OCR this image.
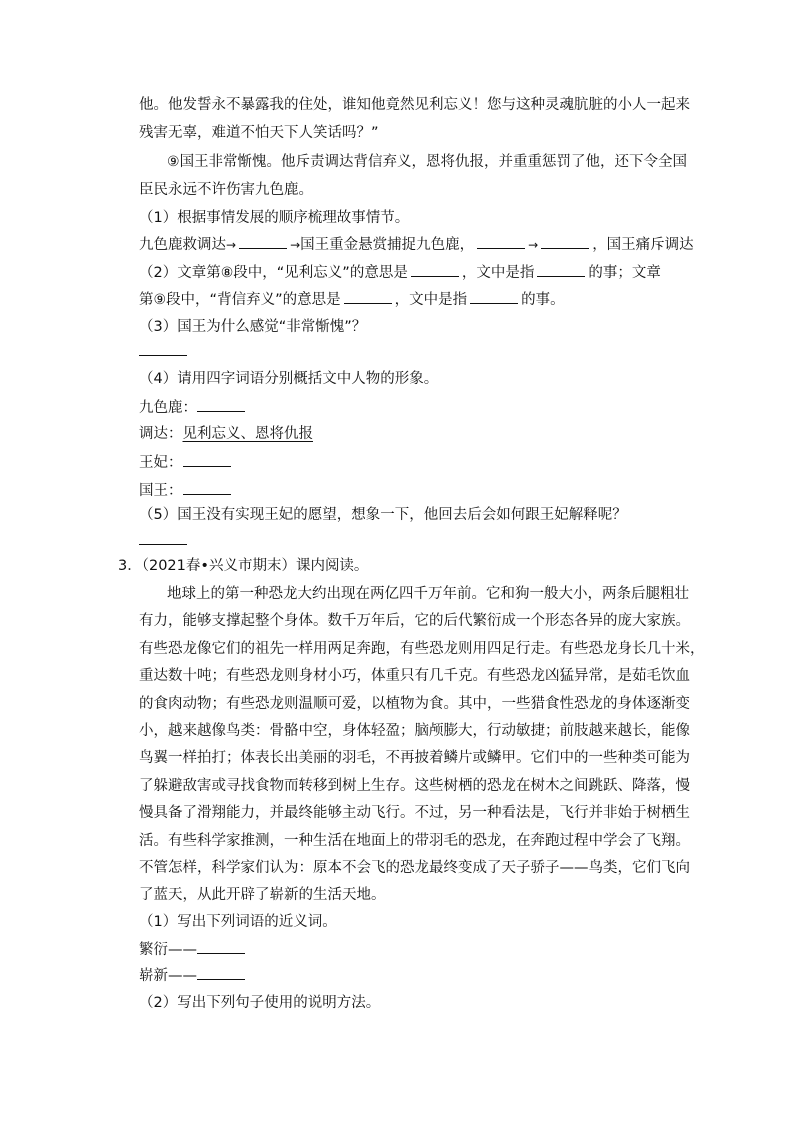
他。他发誓永不暴露我的住处，谁知他竟然见利忘义！您与这种灵魂肮脏的小人一起来
残害无辜，难道不怕天下人笑话吗？”
⑨国王非常惭愧。他斥责调达背信弃义，恩将仇报，并重重惩罚了他，还下令全国
臣民永远不许伤害九色鹿。
（1）根据事情发展的顺序梳理故事情节。
九色鹿救调达→	→国王重金悬赏捕捉九色鹿，	→	，国王痛斥调达
（2）文章第⑧段中，“见利忘义”的意思是	，文中是指	的事；文章
第⑨段中，“背信弃义”的意思是	，文中是指	的事。
（3）国王为什么感觉“非常惭愧”？
（4）请用四字词语分别概括文中人物的形象。
九色鹿：
调达：见利忘义、恩将仇报
王妃：
国王：
（5）国王没有实现王妃的愿望，想象一下，他回去后会如何跟王妃解释呢？
3．（2021春•兴义市期末）课内阅读。
地球上的第一种恐龙大约出现在两亿四千万年前。它和狗一般大小，两条后腿粗壮
有力，能够支撑起整个身体。数千万年后，它的后代繁衍成一个形态各异的庞大家族。
有些恐龙像它们的祖先一样用两足奔跑，有些恐龙则用四足行走。有些恐龙身长几十米，
重达数十吨；有些恐龙则身材小巧，体重只有几千克。有些恐龙凶猛异常，是茹毛饮血
的食肉动物；有些恐龙则温顺可爱，以植物为食。其中，一些猎食性恐龙的身体逐渐变
小，越来越像鸟类：骨骼中空，身体轻盈；脑颅膨大，行动敏捷；前肢越来越长，能像
鸟翼一样拍打；体表长出美丽的羽毛，不再披着鳞片或鳞甲。它们中的一些种类可能为
了躲避敌害或寻找食物而转移到树上生存。这些树栖的恐龙在树木之间跳跃、降落，慢
慢具备了滑翔能力，并最终能够主动飞行。不过，另一种看法是，飞行并非始于树栖生
活。有些科学家推测，一种生活在地面上的带羽毛的恐龙，在奔跑过程中学会了飞翔。
不管怎样，科学家们认为：原本不会飞的恐龙最终变成了天子骄子——鸟类，它们飞向
了蓝天，从此开辟了崭新的生活天地。
（1）写出下列词语的近义词。
繁衍——
崭新——
（2）写出下列句子使用的说明方法。
